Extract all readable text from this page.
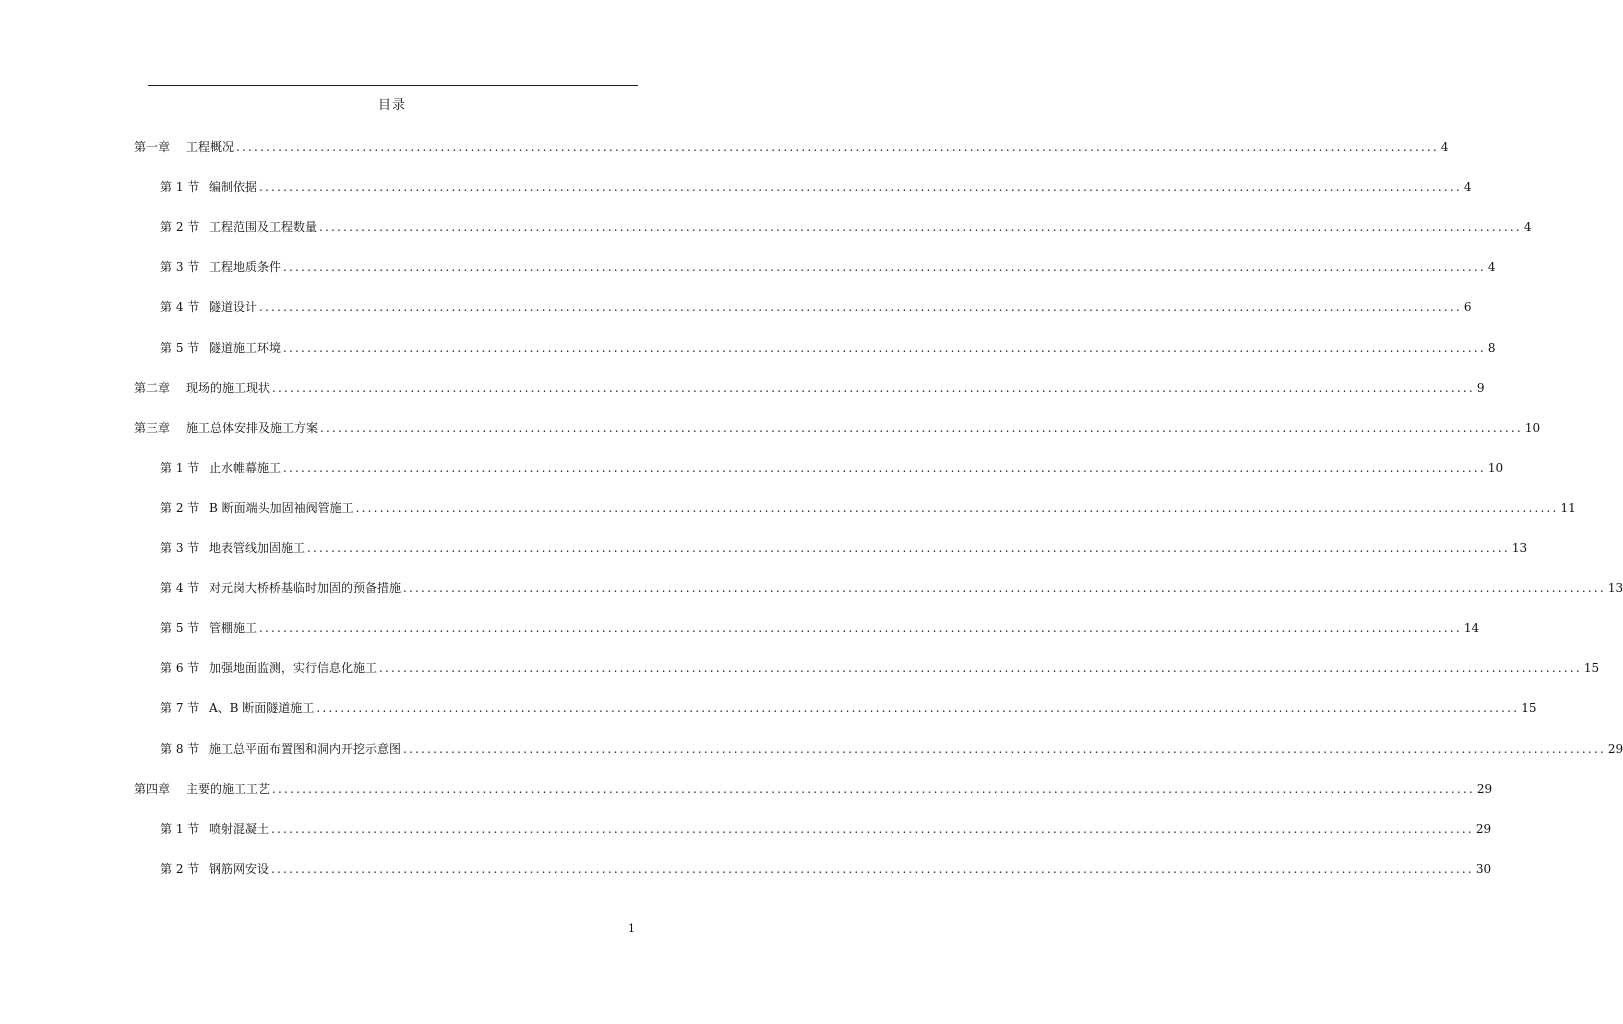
目录
第一章	工程概况 ........................................................................................................................................................................................................ 4
第 1 节 编制依据 ........................................................................................................................................................................................................ 4
第 2 节 工程范围及工程数量 ........................................................................................................................................................................................................ 4
第 3 节 工程地质条件 ........................................................................................................................................................................................................ 4
第 4 节 隧道设计 ........................................................................................................................................................................................................ 6
第 5 节 隧道施工环境 ........................................................................................................................................................................................................ 8
第二章	现场的施工现状 ........................................................................................................................................................................................................ 9
第三章	施工总体安排及施工方案 ........................................................................................................................................................................................................ 10
第 1 节 止水帷幕施工 ........................................................................................................................................................................................................ 10
第 2 节 B 断面端头加固袖阀管施工 ........................................................................................................................................................................................................ 11
第 3 节 地表管线加固施工 ........................................................................................................................................................................................................ 13
第 4 节 对元岗大桥桥基临时加固的预备措施 ........................................................................................................................................................................................................ 13
第 5 节 管棚施工 ........................................................................................................................................................................................................ 14
第 6 节 加强地面监测，实行信息化施工 ........................................................................................................................................................................................................ 15
第 7 节 A、B 断面隧道施工 ........................................................................................................................................................................................................ 15
第 8 节 施工总平面布置图和洞内开挖示意图 ........................................................................................................................................................................................................ 29
第四章	主要的施工工艺 ........................................................................................................................................................................................................ 29
第 1 节 喷射混凝土 ........................................................................................................................................................................................................ 29
第 2 节 钢筋网安设 ........................................................................................................................................................................................................ 30
1
